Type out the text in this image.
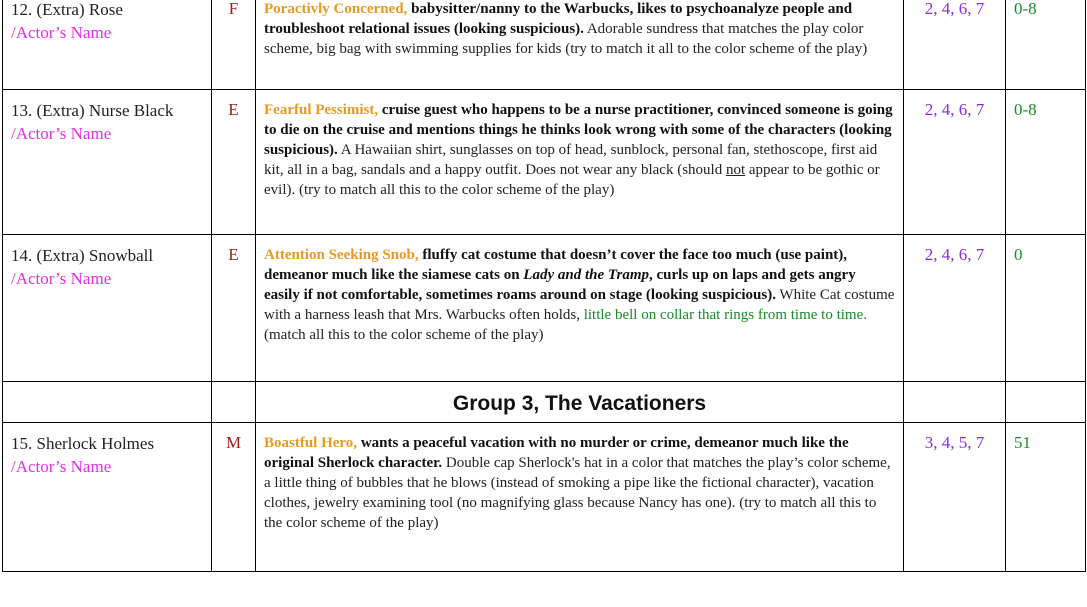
12. (Extra) Rose
/Actor’s Name	F	Poractivly Concerned, babysitter/nanny to the Warbucks, likes to psychoanalyze people and troubleshoot relational issues (looking suspicious). Adorable sundress that matches the play color scheme, big bag with swimming supplies for kids (try to match it all to the color scheme of the play)	2, 4, 6, 7	0-8

13. (Extra) Nurse Black
/Actor’s Name	E	Fearful Pessimist, cruise guest who happens to be a nurse practitioner, convinced someone is going to die on the cruise and mentions things he thinks look wrong with some of the characters (looking suspicious). A Hawaiian shirt, sunglasses on top of head, sunblock, personal fan, stethoscope, first aid kit, all in a bag, sandals and a happy outfit. Does not wear any black (should not appear to be gothic or evil). (try to match all this to the color scheme of the play)	2, 4, 6, 7	0-8

14. (Extra) Snowball
/Actor’s Name	E	Attention Seeking Snob, fluffy cat costume that doesn’t cover the face too much (use paint), demeanor much like the siamese cats on Lady and the Tramp, curls up on laps and gets angry easily if not comfortable, sometimes roams around on stage (looking suspicious). White Cat costume with a harness leash that Mrs. Warbucks often holds, little bell on collar that rings from time to time. (match all this to the color scheme of the play)	2, 4, 6, 7	0
		Group 3, The Vacationers		

15. Sherlock Holmes
/Actor’s Name	M	Boastful Hero, wants a peaceful vacation with no murder or crime, demeanor much like the original Sherlock character. Double cap Sherlock's hat in a color that matches the play’s color scheme, a little thing of bubbles that he blows (instead of smoking a pipe like the fictional character), vacation clothes, jewelry examining tool (no magnifying glass because Nancy has one). (try to match all this to the color scheme of the play)	3, 4, 5, 7	51
